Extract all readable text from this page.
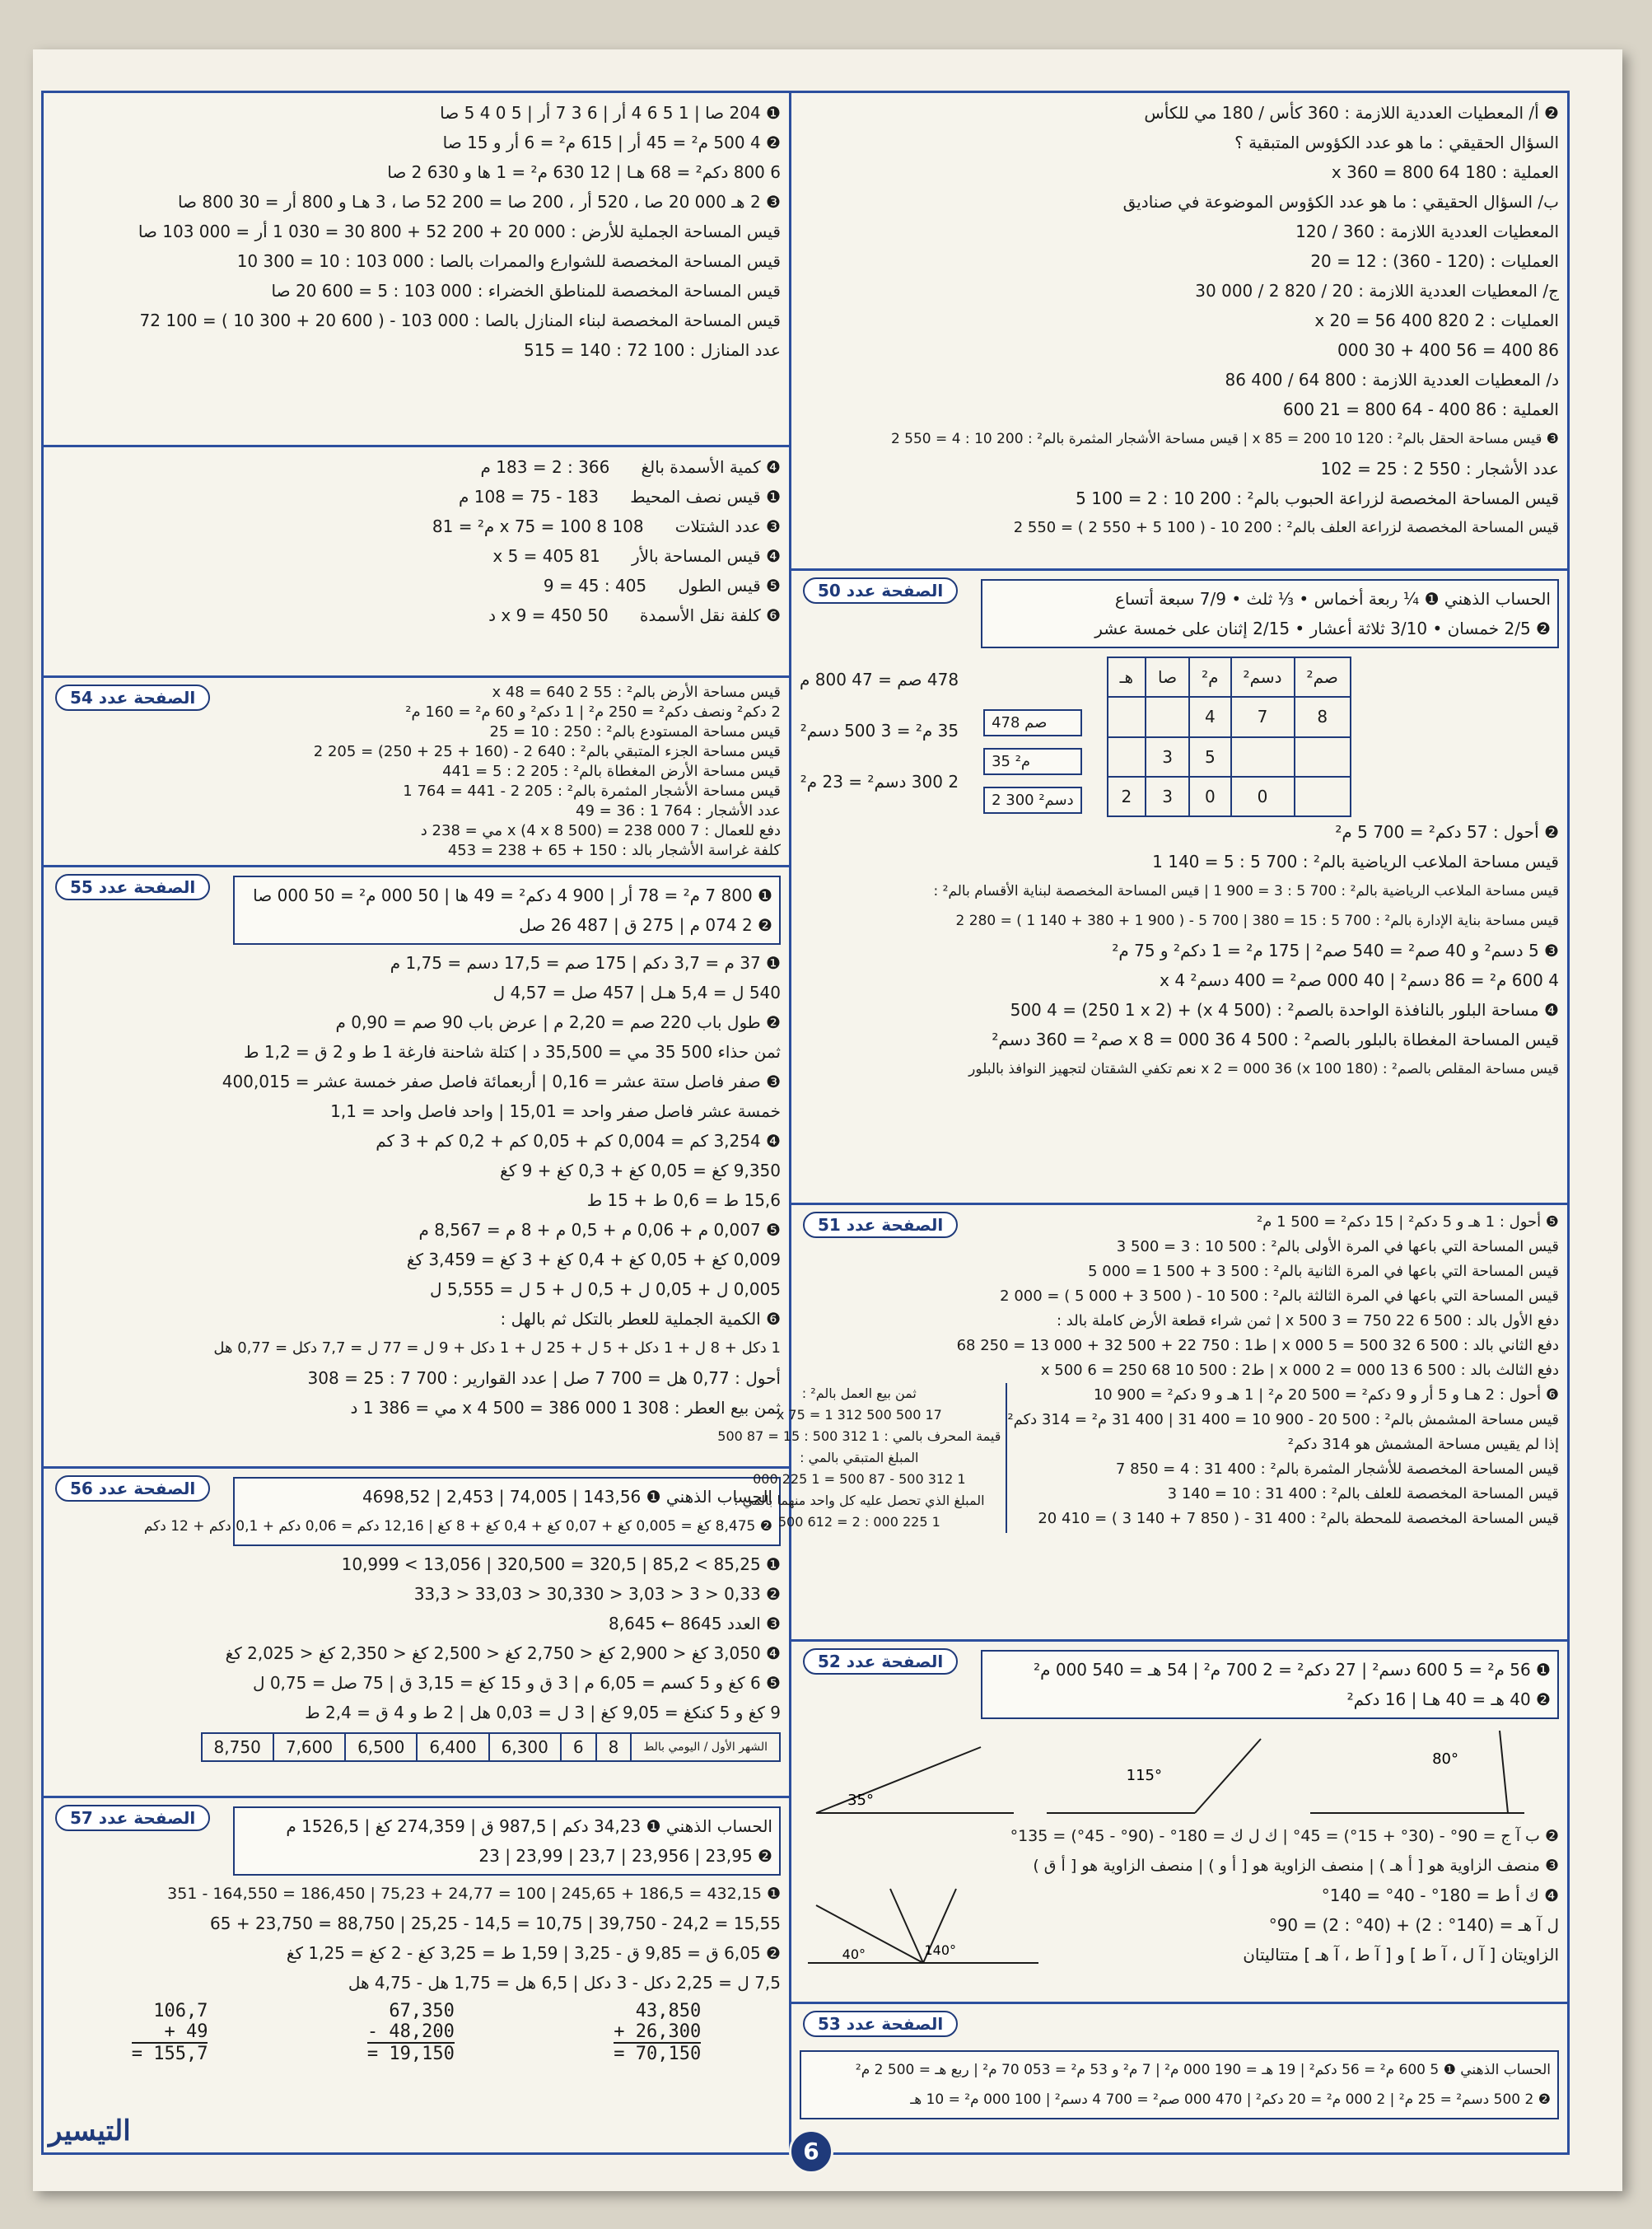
❶ 204 صا | 1 5 6 4 أر | 6 3 7 أر | 5 0 4 5 صا
❷ 4 500 م² = 45 أر | 615 م² = 6 أر و 15 صا
6 800 دكم² = 68 هـا | 12 630 م² = 1 ها و 630 2 صا
❸ 2 هـ 000 20 صا ، 520 أر ، 200 صا = 200 52 صا ، 3 هـا و 800 أر = 30 800 صا
قيس المساحة الجملية للأرض : 000 20 + 200 52 + 800 30 = 030 1 أر = 000 103 صا
قيس المساحة المخصصة للشوارع والممرات بالصا : 000 103 : 10 = 300 10
قيس المساحة المخصصة للمناطق الخضراء : 000 103 : 5 = 600 20 صا
قيس المساحة المخصصة لبناء المنازل بالصا : 000 103 - ( 600 20 + 300 10 ) = 100 72
عدد المنازل : 100 72 : 140 = 515
❹ كمية الأسمدة بالغ      366 : 2 = 183 م
❶ قيس نصف المحيط      183 - 75 = 108 م
❸ عدد الشتلات      108 x 75 = 100 8 م² = 81
❹ قيس المساحة بالأر      81 x 5 = 405
❺ قيس الطول      405 : 45 = 9
❻ كلفة نقل الأسمدة      50 x 9 = 450 د
الصفحة عدد 54	قيس مساحة الأرض بالم² : 55 x 48 = 640 2
2 دكم² ونصف دكم² = 250 م² | 1 دكم² و 60 م² = 160 م²
قيس مساحة المستودع بالم² : 250 : 10 = 25
قيس مساحة الجزء المتبقي بالم² : 640 2 - (160 + 25 + 250) = 205 2
قيس مساحة الأرض المغطاة بالم² : 205 2 : 5 = 441
قيس مساحة الأشجار المثمرة بالم² : 205 2 - 441 = 764 1
عدد الأشجار : 764 1 : 36 = 49
دفع للعمال : 7 x (4 x 8 500) = 238 000 مي = 238 د
كلفة غراسة الأشجار بالد : 150 + 65 + 238 = 453
الصفحة عدد 55	❶ 800 7 م² = 78 أر | 900 4 دكم² = 49 ها | 50 000 م² = 50 000 صا
❷ 2 074 م | 275 ق | 487 26 صل
❶ 37 م = 3,7 دكم | 175 صم = 17,5 دسم = 1,75 م
540 ل = 5,4 هـل | 457 صل = 4,57 ل
❷ طول باب 220 صم = 2,20 م | عرض باب 90 صم = 0,90 م
ثمن حذاء 500 35 مي = 35,500 د | كتلة شاحنة فارغة 1 ط و 2 ق = 1,2 ط
❸ صفر فاصل ستة عشر = 0,16 | أربعمائة فاصل صفر خمسة عشر = 400,015
خمسة عشر فاصل صفر واحد = 15,01 | واحد فاصل واحد = 1,1
❹ 3,254 كم = 0,004 كم + 0,05 كم + 0,2 كم + 3 كم
9,350 كغ = 0,05 كغ + 0,3 كغ + 9 كغ
15,6 ط = 0,6 ط + 15 ط
❺ 0,007 م + 0,06 م + 0,5 م + 8 م = 8,567 م
0,009 كغ + 0,05 كغ + 0,4 كغ + 3 كغ = 3,459 كغ
0,005 ل + 0,05 ل + 0,5 ل + 5 ل = 5,555 ل
❻ الكمية الجملية للعطر بالتكل ثم بالهل :
1 دكل + 8 ل + 1 دكل + 5 ل + 25 ل + 1 دكل + 9 ل = 77 ل = 7,7 دكل = 0,77 هل
أحول : 0,77 هل = 700 7 صل | عدد القوارير : 700 7 : 25 = 308
ثمن بيع العطر : 308 x 4 500 = 386 000 1 مي = 386 1 د
الصفحة عدد 56	الحساب الذهني ❶ 143,56 | 74,005 | 2,453 | 4698,52
❷ 8,475 كغ = 0,005 كغ + 0,07 كغ + 0,4 كغ + 8 كغ | 12,16 دكم = 0,06 دكم + 0,1 دكم + 12 دكم
❶ 85,25 > 85,2 | 320,5 = 320,500 | 13,056 > 10,999
❷ 0,33 < 3 < 3,03 < 30,330 < 33,03 < 33,3
❸ العدد 8645 ← 8,645
❹ 3,050 كغ < 2,900 كغ < 2,750 كغ < 2,500 كغ < 2,350 كغ < 2,025 كغ
❺ 6 كغ و 5 كسم = 6,05 م | 3 ق و 15 كغ = 3,15 ق | 75 صل = 0,75 ل
9 كغ و 5 كنكغ = 9,05 كغ | 3 ل = 0,03 هل | 2 ط و 4 ق = 2,4 ط
8,750	7,600	6,500	6,400	6,300	6	8	الشهر الأول / اليومي بالط
الصفحة عدد 57	الحساب الذهني ❶ 34,23 دكم | 987,5 ق | 274,359 كغ | 1526,5 م
❷ 23,95 | 23,956 | 23,7 | 23,99 | 23
❶ 432,15 = 186,5 + 245,65 | 100 = 24,77 + 75,23 | 186,450 = 164,550 - 351
15,55 = 24,2 - 39,750 | 10,75 = 14,5 - 25,25 | 88,750 = 23,750 + 65
❷ 6,05 ق = 9,85 ق - 3,25 | 1,59 ط = 3,25 كغ - 2 كغ = 1,25 كغ
7,5 ل = 2,25 دكل - 3 دكل | 6,5 هل = 1,75 هل - 4,75 هل
106,7
+ 49
= 155,7
67,350
- 48,200
= 19,150
43,850
+ 26,300
= 70,150
التيسير
❷ أ/ المعطيات العددية اللازمة : 360 كأس / 180 مي للكأس
السؤال الحقيقي : ما هو عدد الكؤوس المتبقية ؟
العملية : 180 x 360 = 800 64
ب/ السؤال الحقيقي : ما هو عدد الكؤوس الموضوعة في صناديق
المعطيات العددية اللازمة : 360 / 120
العمليات : (120 - 360) : 12 = 20
ج/ المعطيات العددية اللازمة : 20 / 820 2 / 000 30
العمليات : 2 820 x 20 = 56 400
86 400 = 56 400 + 30 000
د/ المعطيات العددية اللازمة : 800 64 / 400 86
العملية : 86 400 - 64 800 = 21 600
❸ قيس مساحة الحقل بالم² : 120 x 85 = 200 10 | قيس مساحة الأشجار المثمرة بالم² : 200 10 : 4 = 550 2
عدد الأشجار : 550 2 : 25 = 102
قيس المساحة المخصصة لزراعة الحبوب بالم² : 200 10 : 2 = 100 5
قيس المساحة المخصصة لزراعة العلف بالم² : 200 10 - ( 100 5 + 550 2 ) = 550 2
الصفحة عدد 50	الحساب الذهني ❶ ¼ ربعة أخماس • ⅓ ثلث • 7/9 سبعة أتساع
❷ 2/5 خمسان • 3/10 ثلاثة أعشار • 2/15 إثنان على خمسة عشر
478 صم = 47 800 م
35 م² = 3 500 دسم²
2 300 دسم² = 23 م²
478 صم
35 م²
2 300 دسم²
هـ	صا	م²	دسم²	صم²
		4	7	8
	3	5		
2	3	0	0	
❷ أحول : 57 دكم² = 700 5 م²
قيس مساحة الملاعب الرياضية بالم² : 700 5 : 5 = 140 1
قيس مساحة الملاعب الرياضية بالم² : 700 5 : 3 = 900 1 | قيس المساحة المخصصة لبناية الأقسام بالم² :
قيس مساحة بناية الإدارة بالم² : 700 5 : 15 = 380 | 700 5 - ( 900 1 + 380 + 140 1 ) = 280 2
❸ 5 دسم² و 40 صم² = 540 صم² | 175 م² = 1 دكم² و 75 م²
4 600 م² = 86 دسم² | 40 000 صم² = 400 دسم² x 4
❹ مساحة البلور بالنافذة الواحدة بالصم² : (500 x 4) + (250 1 x 2) = 500 4
قيس المساحة المغطاة بالبلور بالصم² : 500 4 x 8 = 000 36 صم² = 360 دسم²
قيس مساحة المقلص بالصم² : (180 x 100) x 2 = 000 36 نعم تكفي الشقتان لتجهيز النوافذ بالبلور
الصفحة عدد 51	❺ أحول : 1 هـ و 5 دكم² | 15 دكم² = 500 1 م²
قيس المساحة التي باعها في المرة الأولى بالم² : 500 10 : 3 = 500 3
قيس المساحة التي باعها في المرة الثانية بالم² : 500 3 + 500 1 = 000 5
قيس المساحة التي باعها في المرة الثالثة بالم² : 500 10 - ( 500 3 + 000 5 ) = 000 2
دفع الأول بالد : 500 6 x 500 3 = 750 22 | ثمن شراء قطعة الأرض كاملة بالد :
دفع الثاني بالد : 500 6 x 000 5 = 500 32 | ط1 : 750 22 + 500 32 + 000 13 = 250 68
دفع الثالث بالد : 500 6 x 000 2 = 000 13 | ط2 : 500 10 x 500 6 = 250 68
❻ أحول : 2 هـا و 5 أر و 9 دكم² = 500 20 م² | 1 هـ و 9 دكم² = 900 10
قيس مساحة المشمش بالم² : 500 20 - 900 10 = 400 31 | 400 31 م² = 314 دكم²
إذا لم يقيس مساحة المشمش هو 314 دكم²
قيس المساحة المخصصة للأشجار المثمرة بالم² : 400 31 : 4 = 850 7
قيس المساحة المخصصة للعلف بالم² : 400 31 : 10 = 140 3
قيس المساحة المخصصة للمحطة بالم² : 400 31 - ( 850 7 + 140 3 ) = 410 20
ثمن بيع العمل بالم² :
17 500 x 75 = 1 312 500
قيمة المحرف بالمي : 1 312 500 : 15 = 87 500
المبلغ المتبقي بالمي :
1 312 500 - 87 500 = 1 225 000
المبلغ الذي تحصل عليه كل واحد منهما بالمي :
1 225 000 : 2 = 612 500
الصفحة عدد 52	❶ 56 م² = 5 600 دسم² | 27 دكم² = 2 700 م² | 54 هـ = 540 000 م²
❷ 40 هـ = 40 هـا | 16 دكم²
35°
115°
80°
❷ ب آ ج = 90° - (30° + 15°) = 45° | ك ل ك = 180° - (90° - 45°) = 135°
❸ منصف الزاوية هو [ أ هـ ) | منصف الزاوية هو [ أ و ) | منصف الزاوية هو [ أ ق )
❹ ك أ ط = 180° - 40° = 140°
ل آ هـ = (140° : 2) + (40° : 2) = 90°
الزاويتان [ آ ل ، آ ط ] و [ آ ط ، آ هـ ] متتاليتان
140°
40°
الصفحة عدد 53
الحساب الذهني ❶ 5 600 م² = 56 دكم² | 19 هـ = 190 000 م² | 7 م² و 53 م² = 053 70 م² | ربع هـ = 500 2 م²
❷ 2 500 دسم² = 25 م² | 2 000 م² = 20 دكم² | 470 000 صم² = 700 4 دسم² | 100 000 م² = 10 هـ
6
